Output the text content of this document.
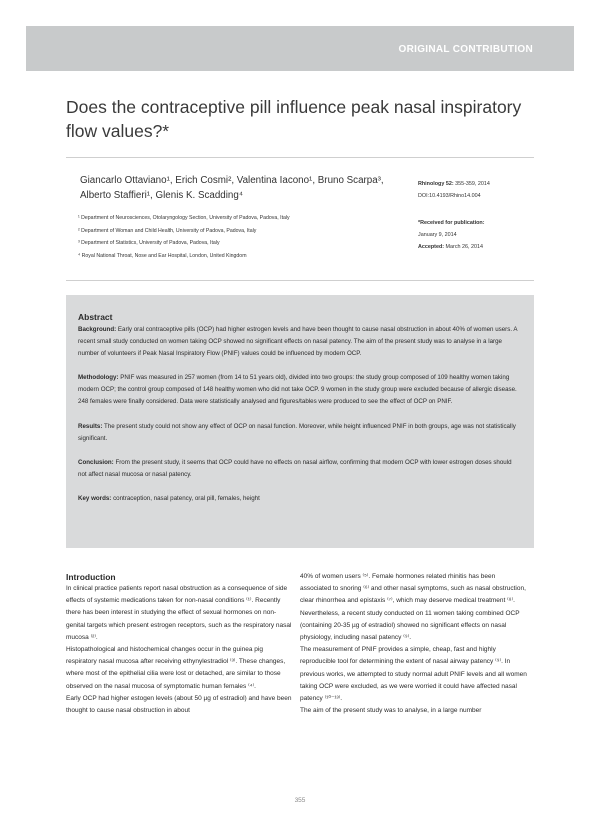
ORIGINAL CONTRIBUTION
Does the contraceptive pill influence peak nasal inspiratory flow values?*
Giancarlo Ottaviano¹, Erich Cosmi², Valentina Iacono¹, Bruno Scarpa³,
Alberto Staffieri¹, Glenis K. Scadding⁴
¹ Department of Neurosciences, Otolaryngology Section, University of Padova, Padova, Italy
² Department of Woman and Child Health, University of Padova, Padova, Italy
³ Department of Statistics, University of Padova, Padova, Italy
⁴ Royal National Throat, Nose and Ear Hospital, London, United Kingdom
Rhinology 52: 355-359, 2014
DOI:10.4193/Rhino14.004
*Received for publication:
January 9, 2014
Accepted: March 26, 2014
Abstract

Background: Early oral contraceptive pills (OCP) had higher estrogen levels and have been thought to cause nasal obstruction in about 40% of women users. A recent small study conducted on women taking OCP showed no significant effects on nasal patency. The aim of the present study was to analyse in a large number of volunteers if Peak Nasal Inspiratory Flow (PNIF) values could be influenced by modern OCP.

Methodology: PNIF was measured in 257 women (from 14 to 51 years old), divided into two groups: the study group composed of 109 healthy women taking modern OCP; the control group composed of 148 healthy women who did not take OCP. 9 women in the study group were excluded because of allergic disease. 248 females were finally considered. Data were statistically analysed and figures/tables were produced to see the effect of OCP on PNIF.

Results: The present study could not show any effect of OCP on nasal function. Moreover, while height influenced PNIF in both groups, age was not statistically significant.

Conclusion: From the present study, it seems that OCP could have no effects on nasal airflow, confirming that modern OCP with lower estrogen doses should not affect nasal mucosa or nasal patency.

Key words: contraception, nasal patency, oral pill, females, height

Introduction

In clinical practice patients report nasal obstruction as a consequence of side effects of systemic medications taken for non-nasal conditions ⁽¹⁾. Recently there has been interest in studying the effect of sexual hormones on non-genital targets which present estrogen receptors, such as the respiratory nasal mucosa ⁽²⁾.

Histopathological and histochemical changes occur in the guinea pig respiratory nasal mucosa after receiving ethynylestradiol ⁽³⁾. These changes, where most of the epithelial cilia were lost or detached, are similar to those observed on the nasal mucosa of symptomatic human females ⁽⁴⁾.

Early OCP had higher estogen levels (about 50 µg of estradiol) and have been thought to cause nasal obstruction in about

40% of women users ⁽⁵⁾. Female hormones related rhinitis has been associated to snoring ⁽⁶⁾ and other nasal symptoms, such as nasal obstruction, clear rhinorrhea and epistaxis ⁽⁷⁾, which may deserve medical treatment ⁽⁸⁾. Nevertheless, a recent study conducted on 11 women taking combined OCP (containing 20-35 µg of estradiol) showed no significant effects on nasal physiology, including nasal patency ⁽⁹⁾.

The measurement of PNIF provides a simple, cheap, fast and highly reproducible tool for determining the extent of nasal airway patency ⁽⁹⁾. In previous works, we attempted to study normal adult PNIF levels and all women taking OCP were excluded, as we were worried it could have affected nasal patency ⁽¹⁰⁻¹³⁾.

The aim of the present study was to analyse, in a large number

355
